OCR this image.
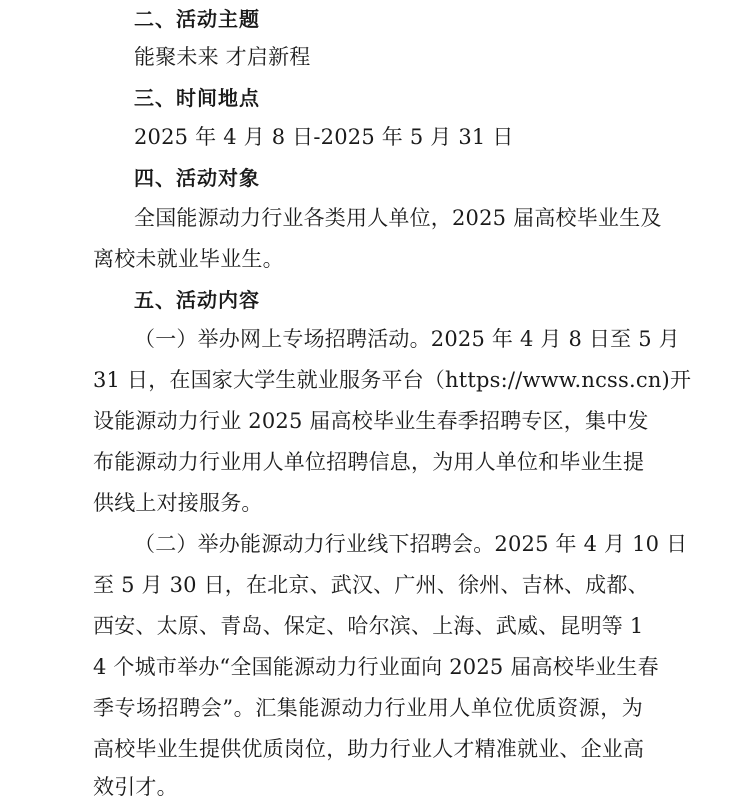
二、活动主题
能聚未来 才启新程
三、时间地点
2025 年 4 月 8 日-2025 年 5 月 31 日
四、活动对象
全国能源动力行业各类用人单位，2025 届高校毕业生及
离校未就业毕业生。
五、活动内容
（一）举办网上专场招聘活动。2025 年 4 月 8 日至 5 月
31 日，在国家大学生就业服务平台（https://www.ncss.cn)开
设能源动力行业 2025 届高校毕业生春季招聘专区，集中发
布能源动力行业用人单位招聘信息，为用人单位和毕业生提
供线上对接服务。
（二）举办能源动力行业线下招聘会。2025 年 4 月 10 日
至 5 月 30 日，在北京、武汉、广州、徐州、吉林、成都、
西安、太原、青岛、保定、哈尔滨、上海、武威、昆明等 1
4 个城市举办“全国能源动力行业面向 2025 届高校毕业生春
季专场招聘会”。汇集能源动力行业用人单位优质资源，为
高校毕业生提供优质岗位，助力行业人才精准就业、企业高
效引才。
